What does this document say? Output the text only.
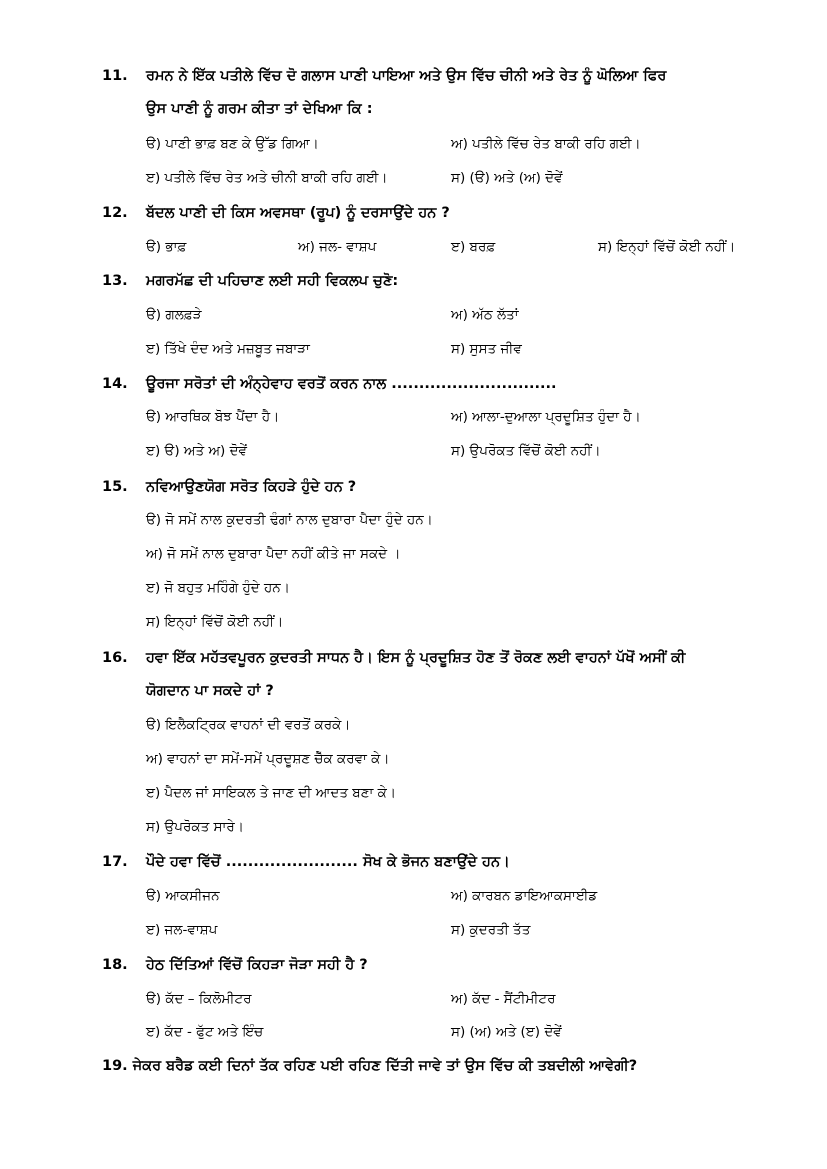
11.	ਰਮਨ ਨੇ ਇੱਕ ਪਤੀਲੇ ਵਿੱਚ ਦੋ ਗਲਾਸ ਪਾਣੀ ਪਾਇਆ ਅਤੇ ਉਸ ਵਿੱਚ ਚੀਨੀ ਅਤੇ ਰੇਤ ਨੂੰ ਘੋਲਿਆ ਫਿਰ
ਉਸ ਪਾਣੀ ਨੂੰ ਗਰਮ ਕੀਤਾ ਤਾਂ ਦੇਖਿਆ ਕਿ :
ੳ) ਪਾਣੀ ਭਾਫ਼ ਬਣ ਕੇ ਉੱਡ ਗਿਆ।	ਅ) ਪਤੀਲੇ ਵਿੱਚ ਰੇਤ ਬਾਕੀ ਰਹਿ ਗਈ।
ੲ) ਪਤੀਲੇ ਵਿੱਚ ਰੇਤ ਅਤੇ ਚੀਨੀ ਬਾਕੀ ਰਹਿ ਗਈ।	ਸ) (ੳ) ਅਤੇ (ਅ) ਦੋਵੇਂ
12.	ਬੱਦਲ ਪਾਣੀ ਦੀ ਕਿਸ ਅਵਸਥਾ (ਰੂਪ) ਨੂੰ ਦਰਸਾਉਂਦੇ ਹਨ ?
ੳ) ਭਾਫ਼	ਅ) ਜਲ- ਵਾਸ਼ਪ	ੲ) ਬਰਫ਼	ਸ) ਇਨ੍ਹਾਂ ਵਿੱਚੋਂ ਕੋਈ ਨਹੀਂ।
13.	ਮਗਰਮੱਛ ਦੀ ਪਹਿਚਾਣ ਲਈ ਸਹੀ ਵਿਕਲਪ ਚੁਣੋ:
ੳ) ਗਲਫ਼ੜੇ	ਅ) ਅੱਠ ਲੱਤਾਂ
ੲ) ਤਿੱਖੇ ਦੰਦ ਅਤੇ ਮਜ਼ਬੂਤ ਜਬਾੜਾ	ਸ) ਸੁਸਤ ਜੀਵ
14.	ਊਰਜਾ ਸਰੋਤਾਂ ਦੀ ਅੰਨ੍ਹੇਵਾਹ ਵਰਤੋਂ ਕਰਨ ਨਾਲ ..............................
ੳ) ਆਰਥਿਕ ਬੋਝ ਪੈਂਦਾ ਹੈ।	ਅ) ਆਲਾ-ਦੁਆਲਾ ਪ੍ਰਦੂਸ਼ਿਤ ਹੁੰਦਾ ਹੈ।
ੲ) ੳ) ਅਤੇ ਅ) ਦੋਵੇਂ	ਸ) ਉਪਰੋਕਤ ਵਿੱਚੋਂ ਕੋਈ ਨਹੀਂ।
15.	ਨਵਿਆਉਣਯੋਗ ਸਰੋਤ ਕਿਹੜੇ ਹੁੰਦੇ ਹਨ ?
ੳ) ਜੋ ਸਮੇਂ ਨਾਲ ਕੁਦਰਤੀ ਢੰਗਾਂ ਨਾਲ ਦੁਬਾਰਾ ਪੈਦਾ ਹੁੰਦੇ ਹਨ।
ਅ) ਜੋ ਸਮੇਂ ਨਾਲ ਦੁਬਾਰਾ ਪੈਦਾ ਨਹੀਂ ਕੀਤੇ ਜਾ ਸਕਦੇ ।
ੲ) ਜੋ ਬਹੁਤ ਮਹਿੰਗੇ ਹੁੰਦੇ ਹਨ।
ਸ) ਇਨ੍ਹਾਂ ਵਿੱਚੋਂ ਕੋਈ ਨਹੀਂ।
16.	ਹਵਾ ਇੱਕ ਮਹੱਤਵਪੂਰਨ ਕੁਦਰਤੀ ਸਾਧਨ ਹੈ। ਇਸ ਨੂੰ ਪ੍ਰਦੂਸ਼ਿਤ ਹੋਣ ਤੋਂ ਰੋਕਣ ਲਈ ਵਾਹਨਾਂ ਪੱਖੋਂ ਅਸੀਂ ਕੀ
ਯੋਗਦਾਨ ਪਾ ਸਕਦੇ ਹਾਂ ?
ੳ) ਇਲੈਕਟ੍ਰਿਕ ਵਾਹਨਾਂ ਦੀ ਵਰਤੋਂ ਕਰਕੇ।
ਅ) ਵਾਹਨਾਂ ਦਾ ਸਮੇਂ-ਸਮੇਂ ਪ੍ਰਦੂਸ਼ਣ ਚੈੱਕ ਕਰਵਾ ਕੇ।
ੲ) ਪੈਦਲ ਜਾਂ ਸਾਇਕਲ ਤੇ ਜਾਣ ਦੀ ਆਦਤ ਬਣਾ ਕੇ।
ਸ) ਉਪਰੋਕਤ ਸਾਰੇ।
17.	ਪੌਦੇ ਹਵਾ ਵਿੱਚੋਂ ........................ ਸੋਖ ਕੇ ਭੋਜਨ ਬਣਾਉਂਦੇ ਹਨ।
ੳ) ਆਕਸੀਜਨ	ਅ) ਕਾਰਬਨ ਡਾਇਆਕਸਾਈਡ
ੲ) ਜਲ-ਵਾਸ਼ਪ	ਸ) ਕੁਦਰਤੀ ਤੱਤ
18.	ਹੇਠ ਦਿੱਤਿਆਂ ਵਿੱਚੋਂ ਕਿਹੜਾ ਜੋੜਾ ਸਹੀ ਹੈ ?
ੳ) ਕੱਦ – ਕਿਲੋਮੀਟਰ	ਅ) ਕੱਦ - ਸੈਂਟੀਮੀਟਰ
ੲ) ਕੱਦ - ਫੁੱਟ ਅਤੇ ਇੰਚ	ਸ) (ਅ) ਅਤੇ (ੲ) ਦੋਵੇਂ
19. ਜੇਕਰ ਬਰੈਡ ਕਈ ਦਿਨਾਂ ਤੱਕ ਰਹਿਣ ਪਈ ਰਹਿਣ ਦਿੱਤੀ ਜਾਵੇ ਤਾਂ ਉਸ ਵਿੱਚ ਕੀ ਤਬਦੀਲੀ ਆਵੇਗੀ?
